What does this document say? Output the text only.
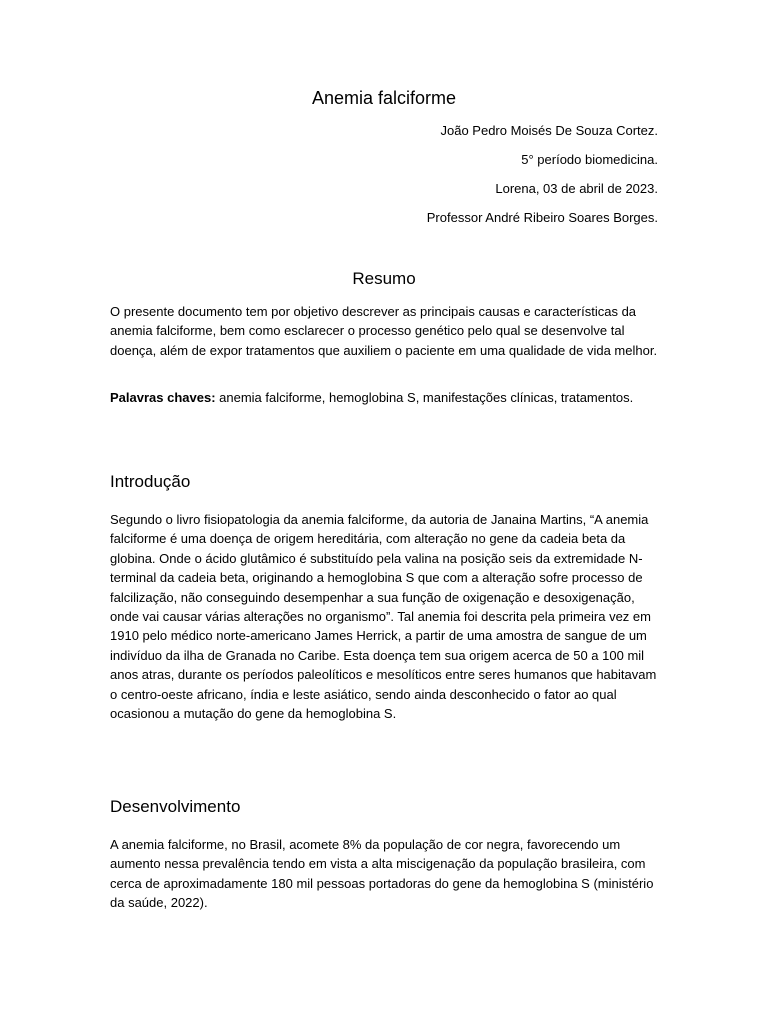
Anemia falciforme

João Pedro Moisés De Souza Cortez.

5° período biomedicina.

Lorena, 03 de abril de 2023.

Professor André Ribeiro Soares Borges.

Resumo

O presente documento tem por objetivo descrever as principais causas e características da anemia falciforme, bem como esclarecer o processo genético pelo qual se desenvolve tal doença, além de expor tratamentos que auxiliem o paciente em uma qualidade de vida melhor.

Palavras chaves: anemia falciforme, hemoglobina S, manifestações clínicas, tratamentos.

Introdução

Segundo o livro fisiopatologia da anemia falciforme, da autoria de Janaina Martins, “A anemia falciforme é uma doença de origem hereditária, com alteração no gene da cadeia beta da globina. Onde o ácido glutâmico é substituído pela valina na posição seis da extremidade N-terminal da cadeia beta, originando a hemoglobina S que com a alteração sofre processo de falcilização, não conseguindo desempenhar a sua função de oxigenação e desoxigenação, onde vai causar várias alterações no organismo”. Tal anemia foi descrita pela primeira vez em 1910 pelo médico norte-americano James Herrick, a partir de uma amostra de sangue de um indivíduo da ilha de Granada no Caribe. Esta doença tem sua origem acerca de 50 a 100 mil anos atras, durante os períodos paleolíticos e mesolíticos entre seres humanos que habitavam o centro-oeste africano, índia e leste asiático, sendo ainda desconhecido o fator ao qual ocasionou a mutação do gene da hemoglobina S.

Desenvolvimento

A anemia falciforme, no Brasil, acomete 8% da população de cor negra, favorecendo um aumento nessa prevalência tendo em vista a alta miscigenação da população brasileira, com cerca de aproximadamente 180 mil pessoas portadoras do gene da hemoglobina S (ministério da saúde, 2022).
